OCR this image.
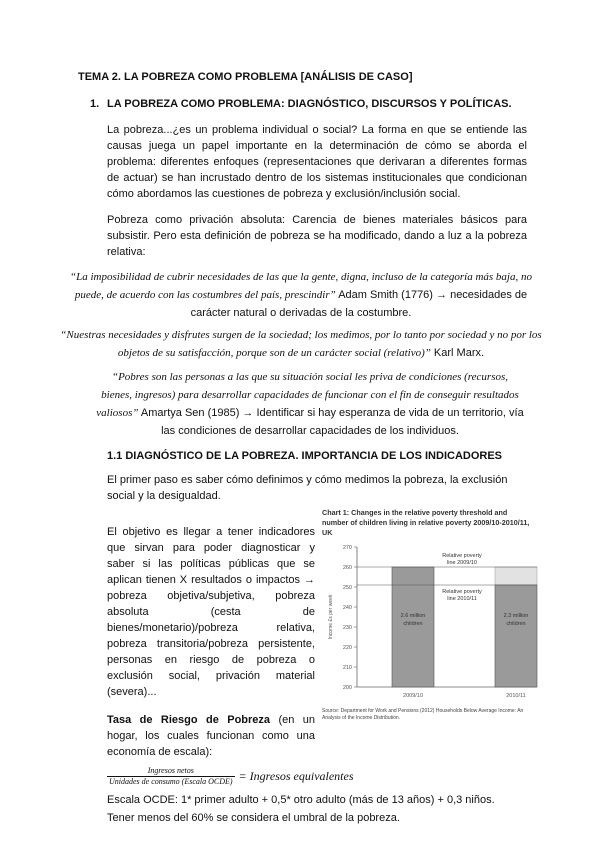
TEMA 2. LA POBREZA COMO PROBLEMA [ANÁLISIS DE CASO]
1. LA POBREZA COMO PROBLEMA: DIAGNÓSTICO, DISCURSOS Y POLÍTICAS.
La pobreza...¿es un problema individual o social? La forma en que se entiende las causas juega un papel importante en la determinación de cómo se aborda el problema: diferentes enfoques (representaciones que derivaran a diferentes formas de actuar) se han incrustado dentro de los sistemas institucionales que condicionan cómo abordamos las cuestiones de pobreza y exclusión/inclusión social.
Pobreza como privación absoluta: Carencia de bienes materiales básicos para subsistir. Pero esta definición de pobreza se ha modificado, dando a luz a la pobreza relativa:
“La imposibilidad de cubrir necesidades de las que la gente, digna, incluso de la categoría más baja, no puede, de acuerdo con las costumbres del país, prescindir” Adam Smith (1776) → necesidades de carácter natural o derivadas de la costumbre.
“Nuestras necesidades y disfrutes surgen de la sociedad; los medimos, por lo tanto por sociedad y no por los objetos de su satisfacción, porque son de un carácter social (relativo)” Karl Marx.
“Pobres son las personas a las que su situación social les priva de condiciones (recursos, bienes, ingresos) para desarrollar capacidades de funcionar con el fin de conseguir resultados valiosos” Amartya Sen (1985) → Identificar si hay esperanza de vida de un territorio, vía las condiciones de desarrollar capacidades de los individuos.
1.1 DIAGNÓSTICO DE LA POBREZA. IMPORTANCIA DE LOS INDICADORES
El primer paso es saber cómo definimos y cómo medimos la pobreza, la exclusión social y la desigualdad.
El objetivo es llegar a tener indicadores que sirvan para poder diagnosticar y saber si las políticas públicas que se aplican tienen X resultados o impactos → pobreza objetiva/subjetiva, pobreza absoluta (cesta de bienes/monetario)/pobreza relativa, pobreza transitoria/pobreza persistente, personas en riesgo de pobreza o exclusión social, privación material (severa)...
Tasa de Riesgo de Pobreza (en un hogar, los cuales funcionan como una economía de escala):
Chart 1: Changes in the relative poverty threshold and number of children living in relative poverty 2009/10-2010/11, UK
200
210
220
230
240
250
260
270
Income £s per week	2.6 million
children
2009/10
2.3 million
children
2010/11
Relative poverty
line 2009/10
Relative poverty
line 2010/11
Source: Department for Work and Pensions (2012) Households Below Average Income: An Analysis of the Income Distribution.
Ingresos netos
Unidades de consumo (Escala OCDE) = Ingresos equivalentes
Escala OCDE: 1* primer adulto + 0,5* otro adulto (más de 13 años) + 0,3 niños.
Tener menos del 60% se considera el umbral de la pobreza.
